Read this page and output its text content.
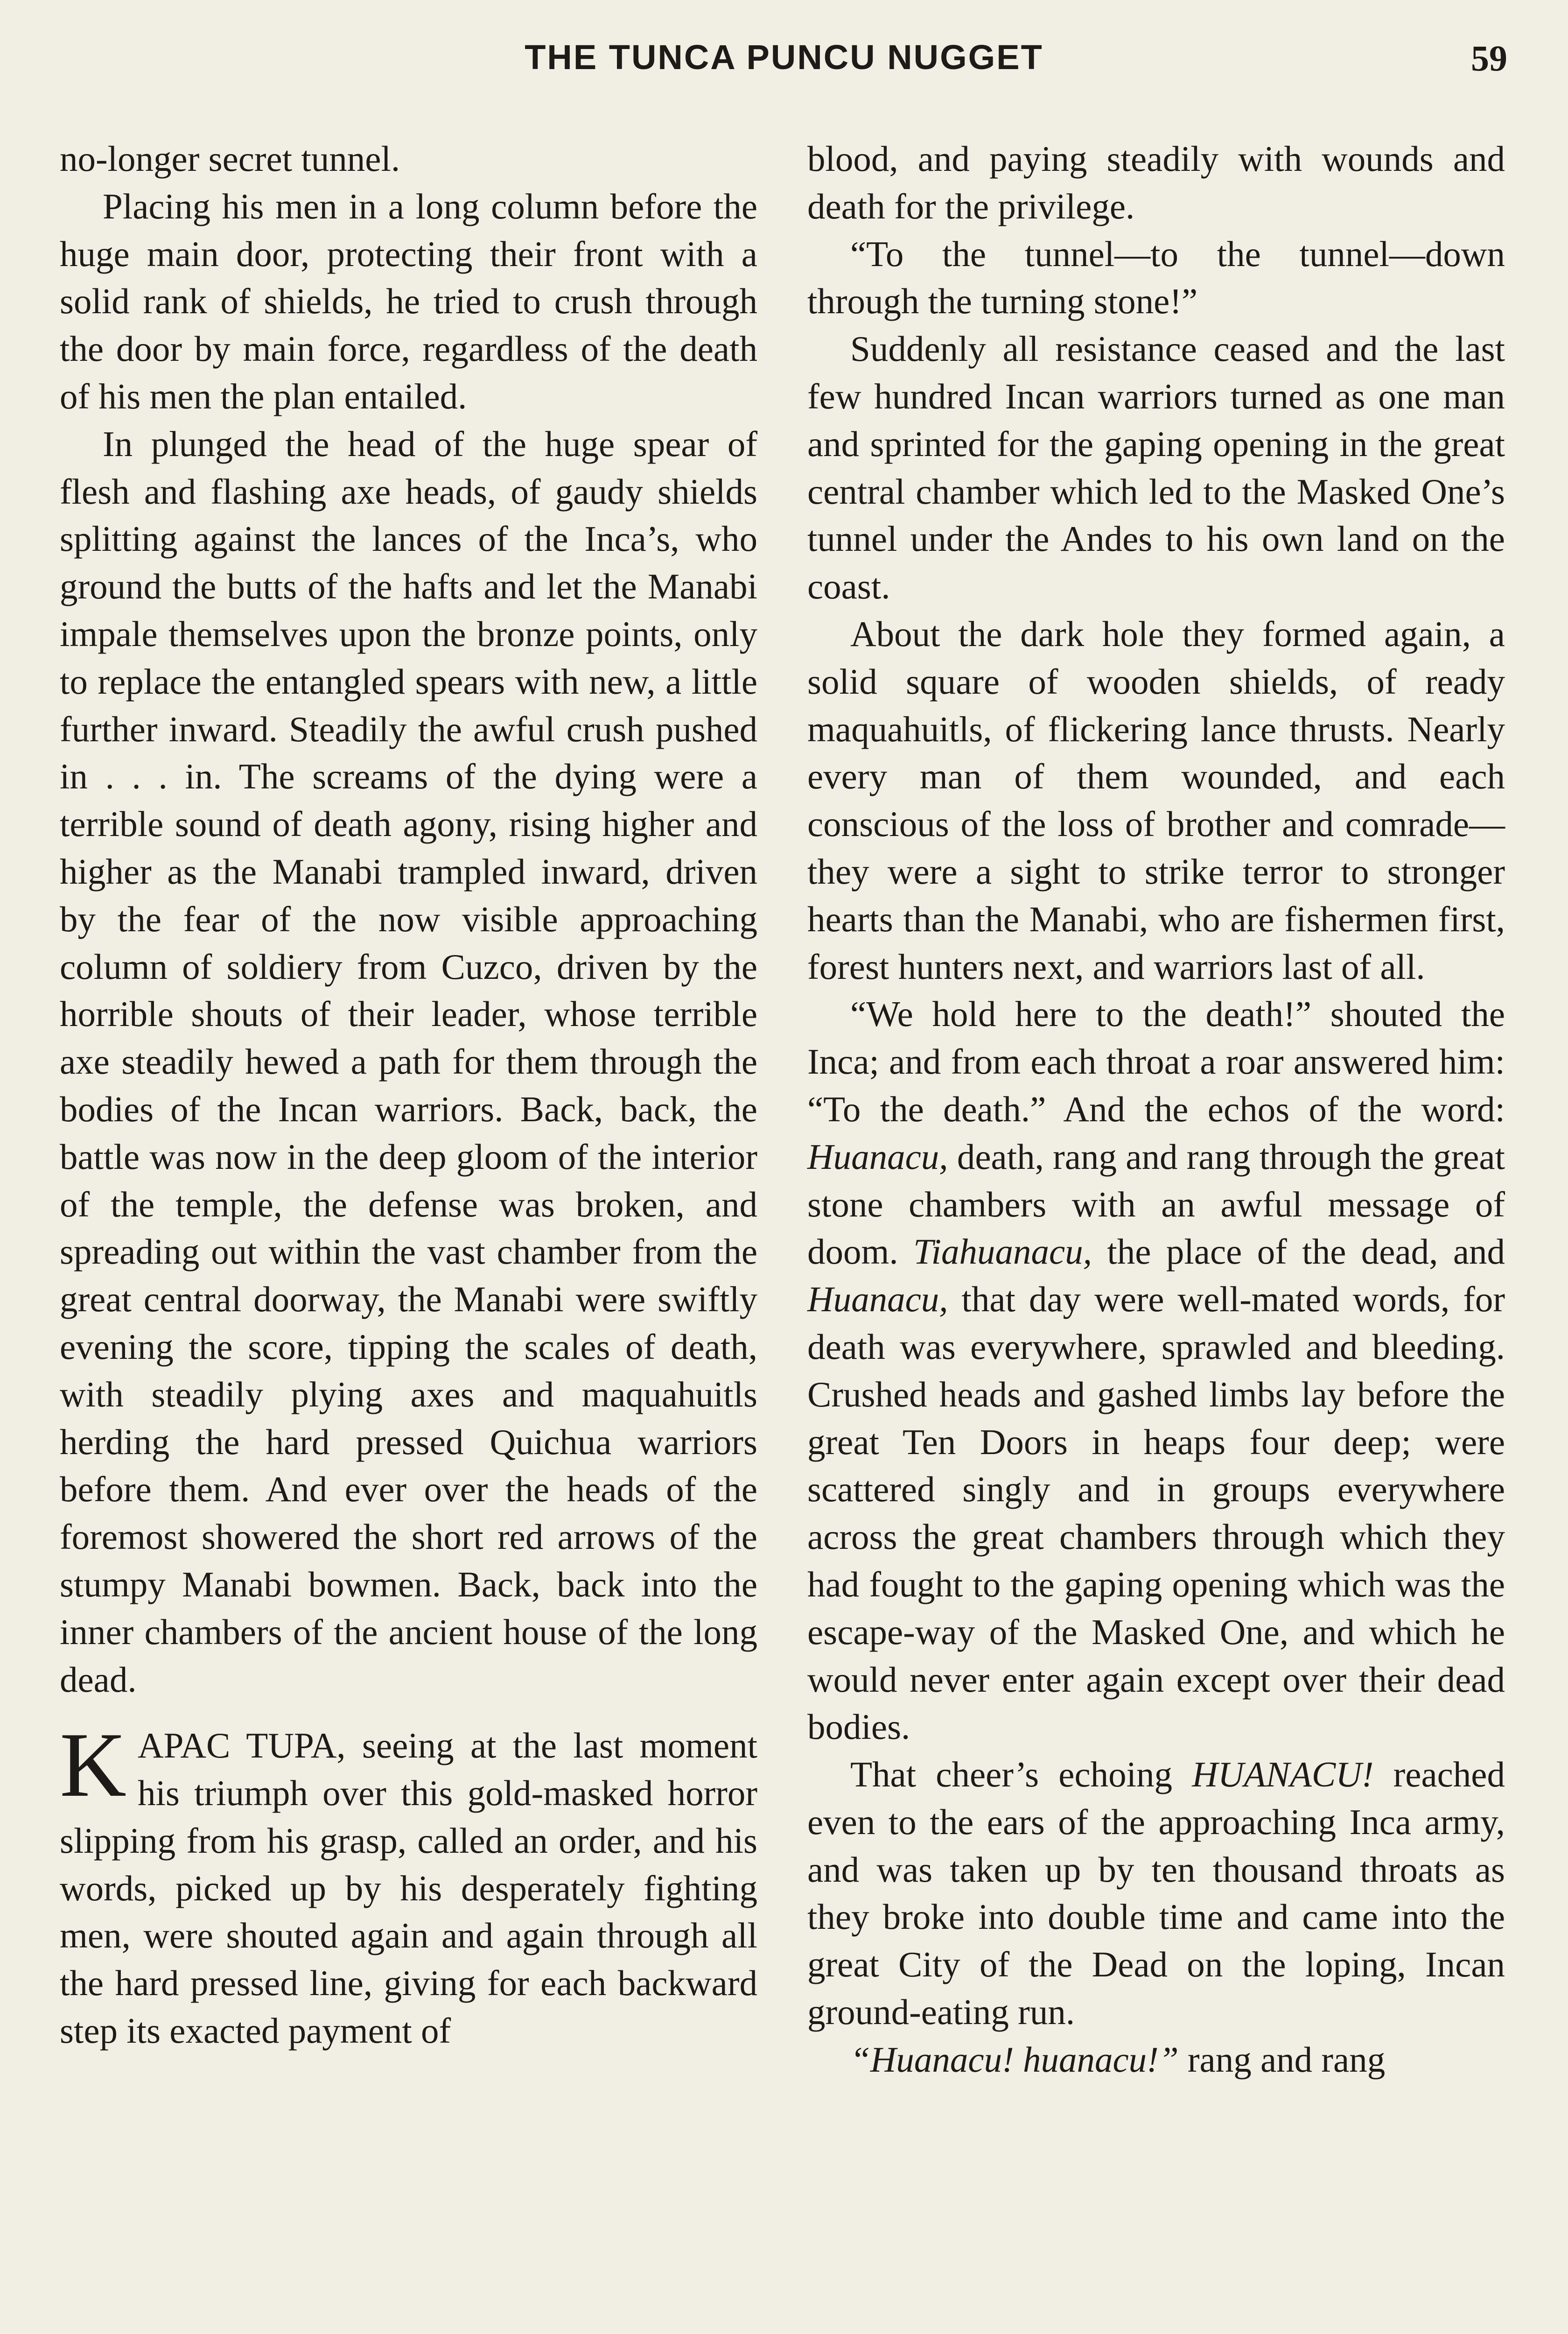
THE TUNCA PUNCU NUGGET	59

no-longer secret tunnel.

Placing his men in a long column before the huge main door, protecting their front with a solid rank of shields, he tried to crush through the door by main force, regardless of the death of his men the plan entailed.

In plunged the head of the huge spear of flesh and flashing axe heads, of gaudy shields splitting against the lances of the Inca’s, who ground the butts of the hafts and let the Manabi impale themselves upon the bronze points, only to replace the entangled spears with new, a little further inward. Steadily the awful crush pushed in . . . in. The screams of the dying were a terrible sound of death agony, rising higher and higher as the Manabi trampled inward, driven by the fear of the now visible approaching column of soldiery from Cuzco, driven by the horrible shouts of their leader, whose terrible axe steadily hewed a path for them through the bodies of the Incan warriors. Back, back, the battle was now in the deep gloom of the interior of the temple, the defense was broken, and spreading out within the vast chamber from the great central doorway, the Manabi were swiftly evening the score, tipping the scales of death, with steadily plying axes and maquahuitls herding the hard pressed Quichua warriors before them. And ever over the heads of the foremost showered the short red arrows of the stumpy Manabi bowmen. Back, back into the inner chambers of the ancient house of the long dead.

KAPAC TUPA, seeing at the last moment his triumph over this gold-masked horror slipping from his grasp, called an order, and his words, picked up by his desperately fighting men, were shouted again and again through all the hard pressed line, giving for each backward step its exacted payment of

blood, and paying steadily with wounds and death for the privilege.

“To the tunnel—to the tunnel—down through the turning stone!”

Suddenly all resistance ceased and the last few hundred Incan warriors turned as one man and sprinted for the gaping opening in the great central chamber which led to the Masked One’s tunnel under the Andes to his own land on the coast.

About the dark hole they formed again, a solid square of wooden shields, of ready maquahuitls, of flickering lance thrusts. Nearly every man of them wounded, and each conscious of the loss of brother and comrade—they were a sight to strike terror to stronger hearts than the Manabi, who are fishermen first, forest hunters next, and warriors last of all.

“We hold here to the death!” shouted the Inca; and from each throat a roar answered him: “To the death.” And the echos of the word: Huanacu, death, rang and rang through the great stone chambers with an awful message of doom. Tiahuanacu, the place of the dead, and Huanacu, that day were well-mated words, for death was everywhere, sprawled and bleeding. Crushed heads and gashed limbs lay before the great Ten Doors in heaps four deep; were scattered singly and in groups everywhere across the great chambers through which they had fought to the gaping opening which was the escape-way of the Masked One, and which he would never enter again except over their dead bodies.

That cheer’s echoing HUANACU! reached even to the ears of the approaching Inca army, and was taken up by ten thousand throats as they broke into double time and came into the great City of the Dead on the loping, Incan ground-eating run.

“Huanacu! huanacu!” rang and rang
